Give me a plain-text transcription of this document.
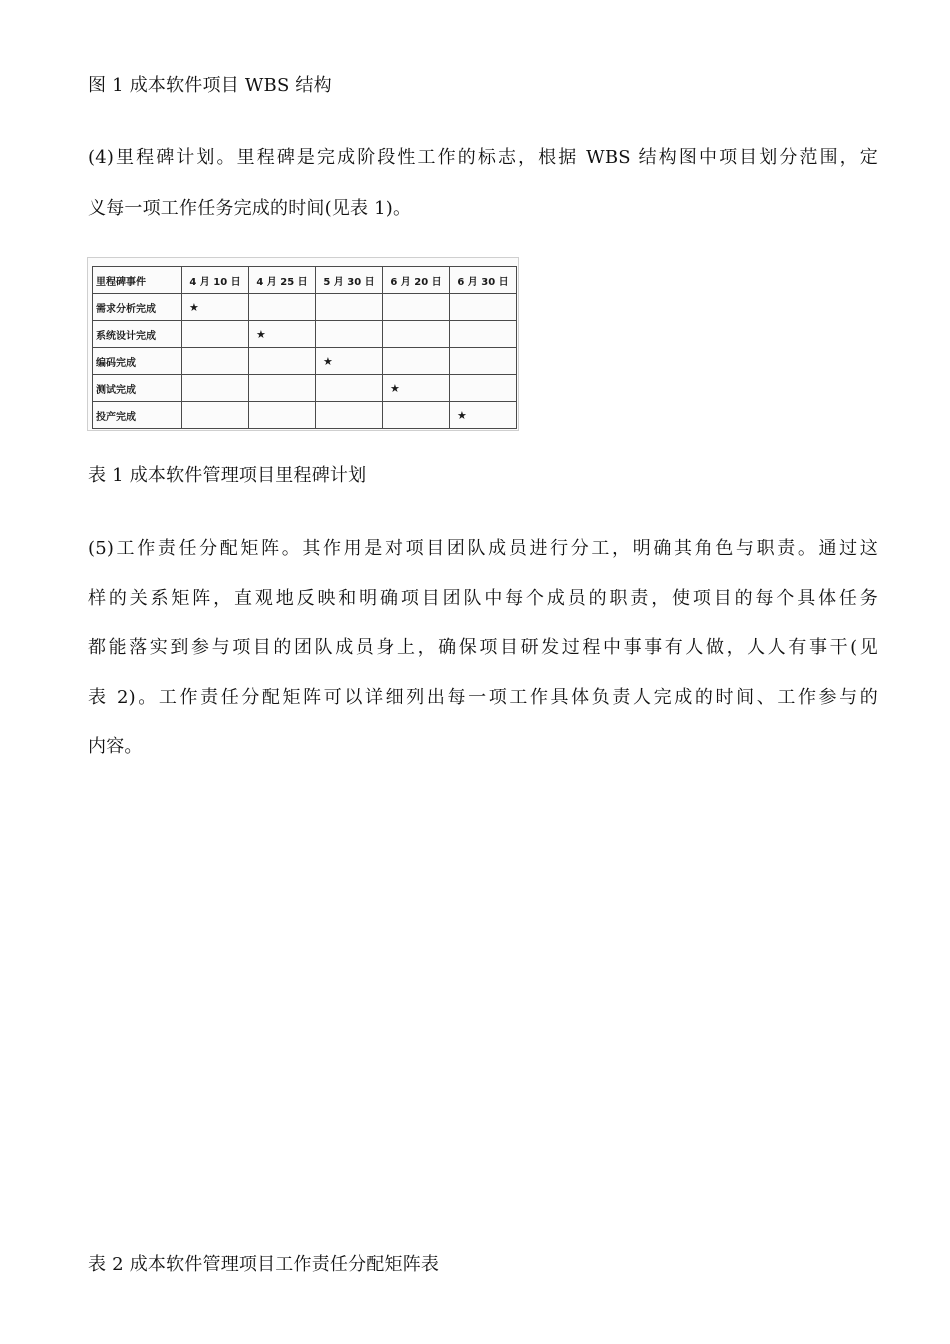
图 1 成本软件项目 WBS 结构
(4)里程碑计划。里程碑是完成阶段性工作的标志，根据 WBS 结构图中项目划分范围，定
义每一项工作任务完成的时间(见表 1)。
里程碑事件	4 月 10 日	4 月 25 日	5 月 30 日	6 月 20 日	6 月 30 日
需求分析完成	★				
系统设计完成		★			
编码完成			★		
测试完成				★	
投产完成					★
表 1 成本软件管理项目里程碑计划
(5)工作责任分配矩阵。其作用是对项目团队成员进行分工，明确其角色与职责。通过这
样的关系矩阵，直观地反映和明确项目团队中每个成员的职责，使项目的每个具体任务
都能落实到参与项目的团队成员身上，确保项目研发过程中事事有人做，人人有事干(见
表 2)。工作责任分配矩阵可以详细列出每一项工作具体负责人完成的时间、工作参与的
内容。
表 2 成本软件管理项目工作责任分配矩阵表
